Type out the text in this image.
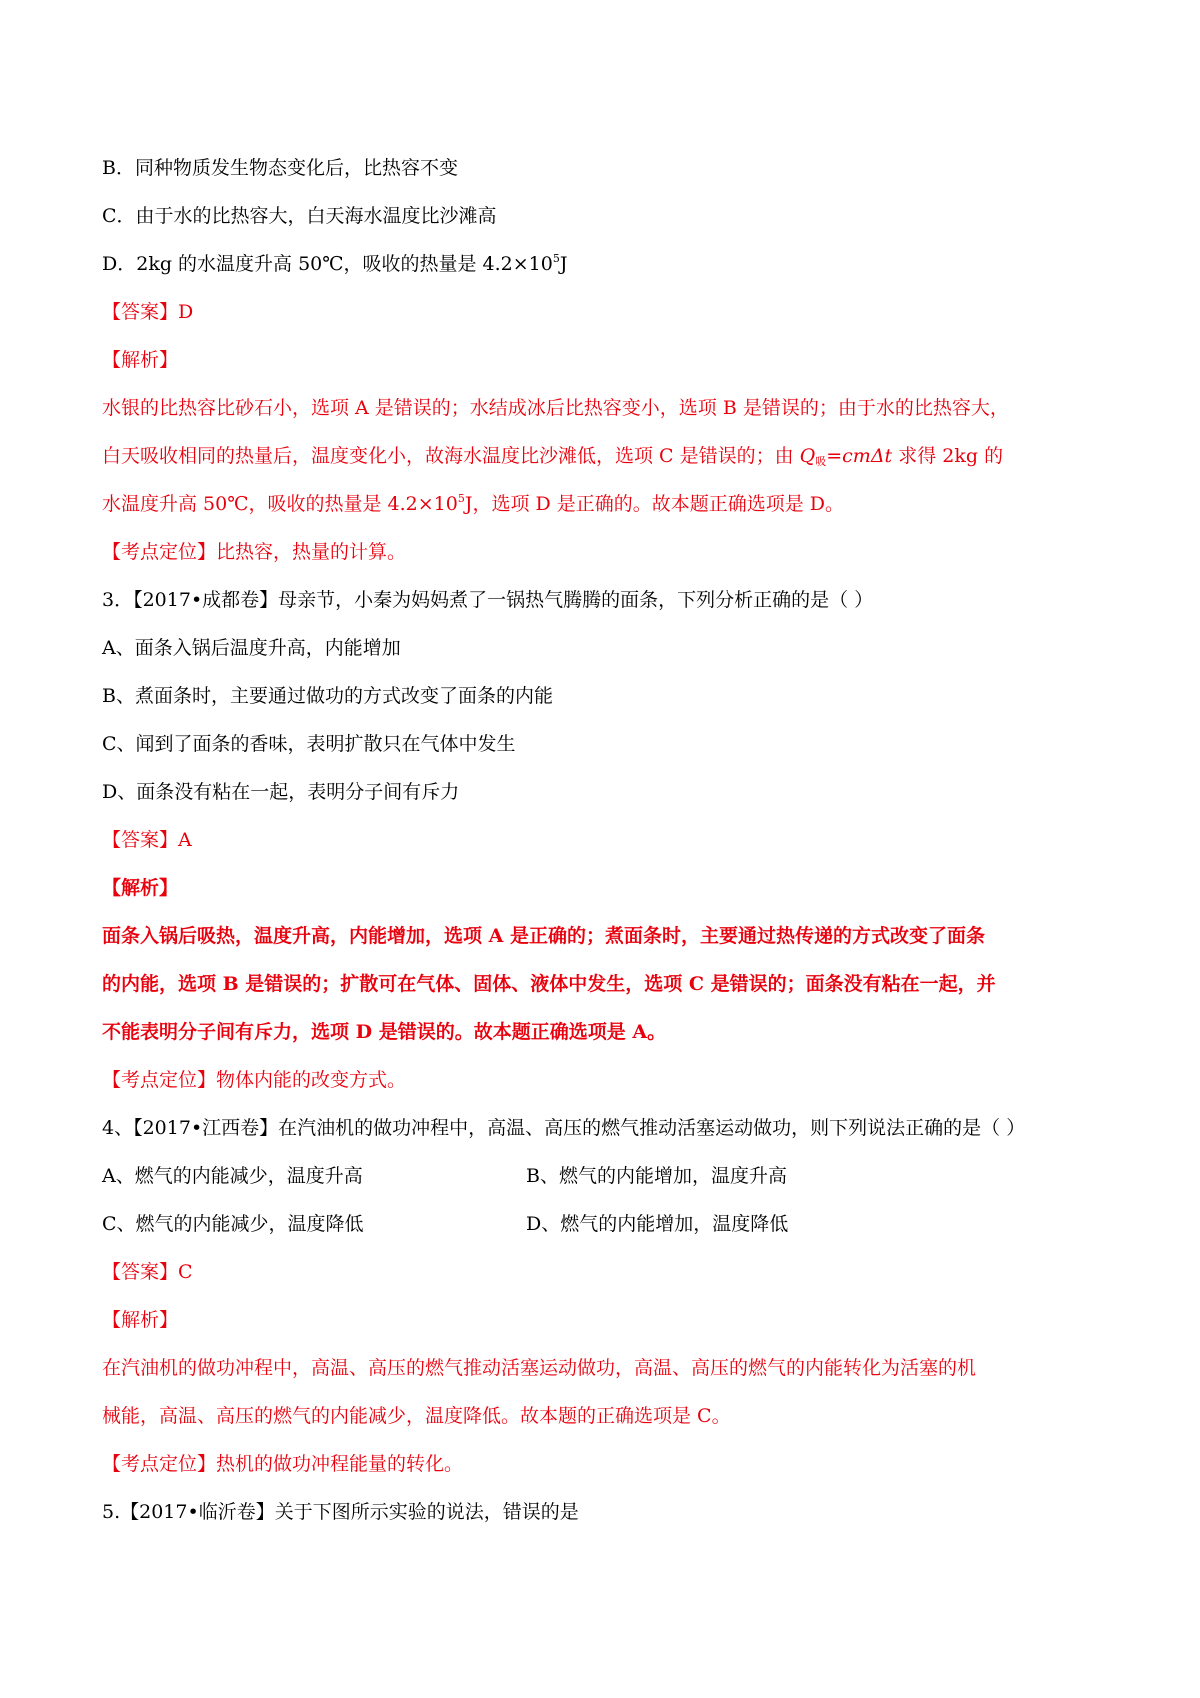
B．同种物质发生物态变化后，比热容不变
C．由于水的比热容大，白天海水温度比沙滩高
D．2kg 的水温度升高 50℃，吸收的热量是 $4.2\times 10^5J$
【答案】D
【解析】
水银的比热容比砂石小，选项 A 是错误的；水结成冰后比热容变小，选项 B 是错误的；由于水的比热容大，
白天吸收相同的热量后，温度变化小，故海水温度比沙滩低，选项 C 是错误的；由 $Q_吸=cm\Delta t$ 求得 2kg 的
水温度升高 50℃，吸收的热量是 $4.2\times 10^5J$，选项 D 是正确的。故本题正确选项是 D。
【考点定位】比热容，热量的计算。
3．【2017•成都卷】母亲节，小秦为妈妈煮了一锅热气腾腾的面条，下列分析正确的是（ ）
A、面条入锅后温度升高，内能增加
B、煮面条时，主要通过做功的方式改变了面条的内能
C、闻到了面条的香味，表明扩散只在气体中发生
D、面条没有粘在一起，表明分子间有斥力
【答案】A
【解析】
面条入锅后吸热，温度升高，内能增加，选项 A 是正确的；煮面条时，主要通过热传递的方式改变了面条
的内能，选项 B 是错误的；扩散可在气体、固体、液体中发生，选项 C 是错误的；面条没有粘在一起，并
不能表明分子间有斥力，选项 D 是错误的。故本题正确选项是 A。
【考点定位】物体内能的改变方式。
4、【2017•江西卷】在汽油机的做功冲程中，高温、高压的燃气推动活塞运动做功，则下列说法正确的是（ ）
A、燃气的内能减少，温度升高	B、燃气的内能增加，温度升高
C、燃气的内能减少，温度降低	D、燃气的内能增加，温度降低
【答案】C
【解析】
在汽油机的做功冲程中，高温、高压的燃气推动活塞运动做功，高温、高压的燃气的内能转化为活塞的机
械能，高温、高压的燃气的内能减少，温度降低。故本题的正确选项是 C。
【考点定位】热机的做功冲程能量的转化。
5.【2017•临沂卷】关于下图所示实验的说法，错误的是
